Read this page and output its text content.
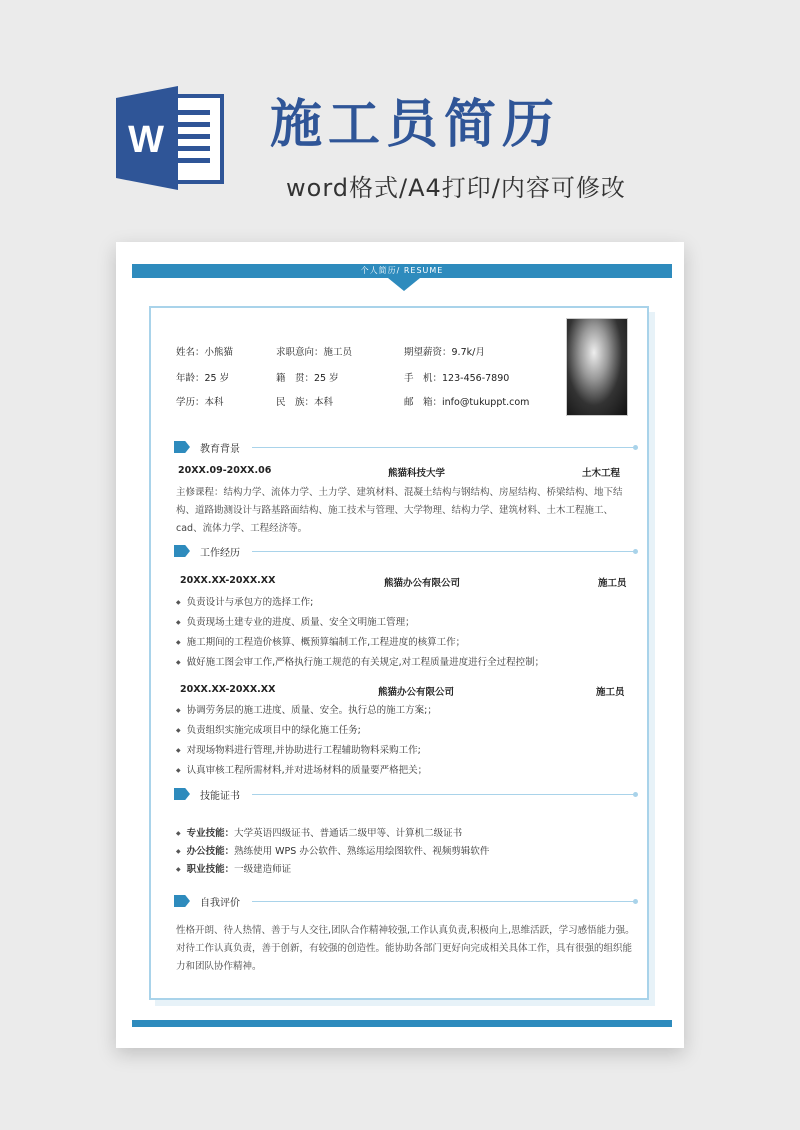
W 施工员简历
word格式/A4打印/内容可修改
个人简历/ RESUME
姓名：小熊猫	求职意向：施工员	期望薪资：9.7k/月
年龄：25 岁	籍　贯：25 岁	手　机：123-456-7890
学历：本科	民　族：本科	邮　箱：info@tukuppt.com
教育背景
20XX.09-20XX.06	熊猫科技大学	土木工程
主修课程：结构力学、流体力学、土力学、建筑材料、混凝土结构与钢结构、房屋结构、桥梁结构、地下结构、道路勘测设计与路基路面结构、施工技术与管理、大学物理、结构力学、建筑材料、土木工程施工、cad、流体力学、工程经济等。
工作经历
20XX.XX-20XX.XX	熊猫办公有限公司	施工员
◆ 负责设计与承包方的选择工作;
◆ 负责现场土建专业的进度、质量、安全文明施工管理；
◆ 施工期间的工程造价核算、概预算编制工作,工程进度的核算工作；
◆ 做好施工图会审工作,严格执行施工规范的有关规定,对工程质量进度进行全过程控制；
20XX.XX-20XX.XX	熊猫办公有限公司	施工员
◆ 协调劳务层的施工进度、质量、安全。执行总的施工方案;；
◆ 负责组织实施完成项目中的绿化施工任务;
◆ 对现场物料进行管理,并协助进行工程辅助物料采购工作;
◆ 认真审核工程所需材料,并对进场材料的质量要严格把关；
技能证书
◆ 专业技能：大学英语四级证书、普通话二级甲等、计算机二级证书
◆ 办公技能：熟练使用 WPS 办公软件、熟练运用绘图软件、视频剪辑软件
◆ 职业技能：一级建造师证
自我评价
性格开朗、待人热情、善于与人交往,团队合作精神较强,工作认真负责,积极向上,思维活跃，学习感悟能力强。对待工作认真负责，善于创新，有较强的创造性。能协助各部门更好向完成相关具体工作，具有很强的组织能力和团队协作精神。
